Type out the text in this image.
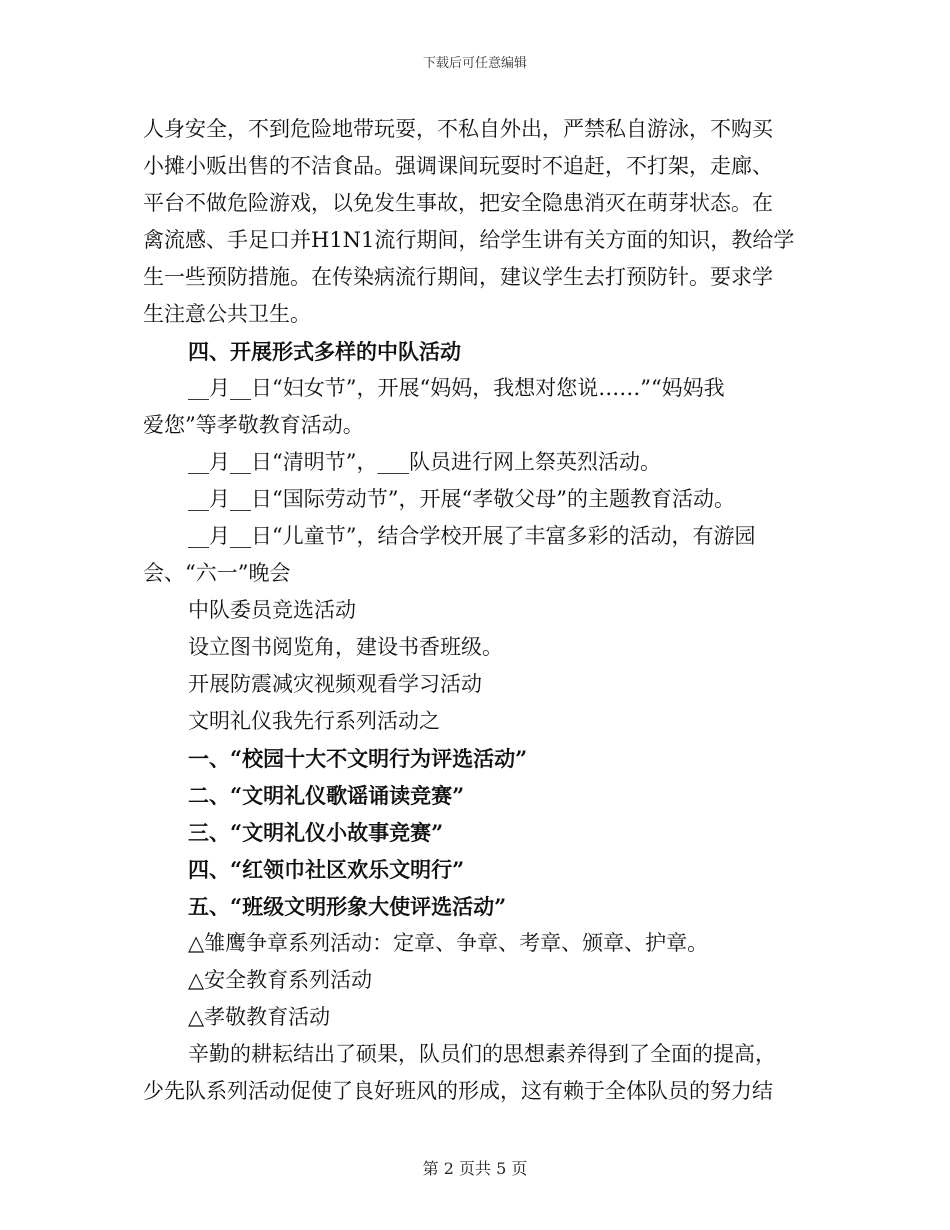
下载后可任意编辑
人身安全，不到危险地带玩耍，不私自外出，严禁私自游泳，不购买
小摊小贩出售的不洁食品。强调课间玩耍时不追赶，不打架，走廊、
平台不做危险游戏，以免发生事故，把安全隐患消灭在萌芽状态。在
禽流感、手足口并H1N1流行期间，给学生讲有关方面的知识，教给学
生一些预防措施。在传染病流行期间，建议学生去打预防针。要求学
生注意公共卫生。
四、开展形式多样的中队活动
__月__日“妇女节”，开展“妈妈，我想对您说……”“妈妈我
爱您”等孝敬教育活动。
__月__日“清明节”，___队员进行网上祭英烈活动。
__月__日“国际劳动节”，开展“孝敬父母”的主题教育活动。
__月__日“儿童节”，结合学校开展了丰富多彩的活动，有游园
会、“六一”晚会
中队委员竞选活动
设立图书阅览角，建设书香班级。
开展防震减灾视频观看学习活动
文明礼仪我先行系列活动之
一、“校园十大不文明行为评选活动”
二、“文明礼仪歌谣诵读竞赛”
三、“文明礼仪小故事竞赛”
四、“红领巾社区欢乐文明行”
五、“班级文明形象大使评选活动”
△雏鹰争章系列活动：定章、争章、考章、颁章、护章。
△安全教育系列活动
△孝敬教育活动
辛勤的耕耘结出了硕果，队员们的思想素养得到了全面的提高，
少先队系列活动促使了良好班风的形成，这有赖于全体队员的努力结
第 2 页共 5 页
